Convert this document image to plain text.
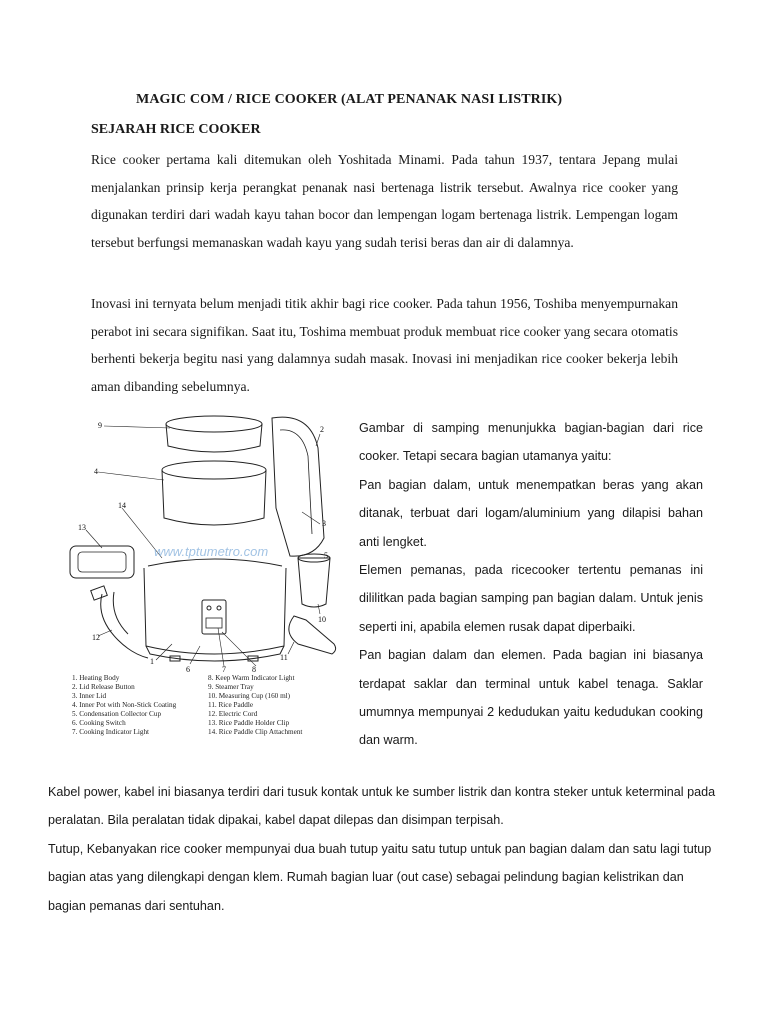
MAGIC COM / RICE COOKER (ALAT PENANAK NASI LISTRIK)
SEJARAH RICE COOKER

Rice cooker pertama kali ditemukan oleh Yoshitada Minami. Pada tahun 1937, tentara Jepang mulai menjalankan prinsip kerja perangkat penanak nasi bertenaga listrik tersebut. Awalnya rice cooker yang digunakan terdiri dari wadah kayu tahan bocor dan lempengan logam bertenaga listrik. Lempengan logam tersebut berfungsi memanaskan wadah kayu yang sudah terisi beras dan air di dalamnya.

Inovasi ini ternyata belum menjadi titik akhir bagi rice cooker. Pada tahun 1956, Toshiba menyempurnakan perabot ini secara signifikan. Saat itu, Toshima membuat produk membuat rice cooker yang secara otomatis berhenti bekerja begitu nasi yang dalamnya sudah masak. Inovasi ini menjadikan rice cooker bekerja lebih aman dibanding sebelumnya.

www.tptumetro.com
9
4
14
13
2
3
5
12
1
6	7	8
10
11
1. Heating Body
2. Lid Release Button
3. Inner Lid
4. Inner Pot with Non-Stick Coating
5. Condensation Collector Cup
6. Cooking Switch
7. Cooking Indicator Light
8. Keep Warm Indicator Light
9. Steamer Tray
10. Measuring Cup (160 ml)
11. Rice Paddle
12. Electric Cord
13. Rice Paddle Holder Clip
14. Rice Paddle Clip Attachment

Gambar di samping menunjukka bagian-bagian dari rice cooker. Tetapi secara bagian utamanya yaitu:

Pan bagian dalam, untuk menempatkan beras yang akan ditanak, terbuat dari logam/aluminium yang dilapisi bahan anti lengket.

Elemen pemanas, pada ricecooker tertentu pemanas ini dililitkan pada bagian samping pan bagian dalam. Untuk jenis seperti ini, apabila elemen rusak dapat diperbaiki.

Pan bagian dalam dan elemen. Pada bagian ini biasanya terdapat saklar dan terminal untuk kabel tenaga. Saklar umumnya mempunyai 2 kedudukan yaitu kedudukan cooking dan warm.

Kabel power, kabel ini biasanya terdiri dari tusuk kontak untuk ke sumber listrik dan kontra steker untuk keterminal pada peralatan. Bila peralatan tidak dipakai, kabel dapat dilepas dan disimpan terpisah.

Tutup, Kebanyakan rice cooker mempunyai dua buah tutup yaitu satu tutup untuk pan bagian dalam dan satu lagi tutup bagian atas yang dilengkapi dengan klem. Rumah bagian luar (out case) sebagai pelindung bagian kelistrikan dan bagian pemanas dari sentuhan.
